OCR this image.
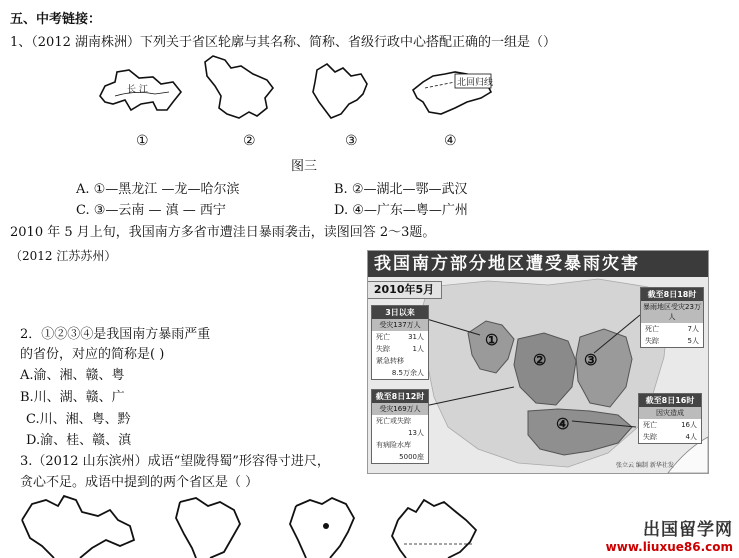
五、中考链接：
1、（2012 湖南株洲）下列关于省区轮廓与其名称、简称、省级行政中心搭配正确的一组是（）
长 江
北回归线
①	②	③	④
图三
A. ①—黑龙江 —龙—哈尔滨	B. ②—湖北—鄂—武汉
C. ③—云南 — 滇 — 西宁	D. ④—广东—粤—广州
2010 年 5 月上旬，我国南方多省市遭洼日暴雨袭击，读图回答 2～3题。
（2012 江苏苏州）
2．①②③④是我国南方暴雨严重
的省份，对应的简称是( )
A.渝、湘、赣、粤
B.川、湖、赣、广
C.川、湘、粤、黔
D.渝、桂、赣、滇
3.（2012 山东滨州）成语“望陇得蜀”形容得寸进尺，
贪心不足。成语中提到的两个省区是（ ）
我国南方部分地区遭受暴雨灾害
2010年5月
①
②	③
④
3日以来
受灾137万人
死亡	31人
失踪	1人
紧急转移
8.5万余人
截至8日12时
受灾169万人
死亡或失踪
13人
有病险水库
5000座
截至8日18时
暴雨地区受灾23万人
死亡	7人
失踪	5人
截至8日16时
因灾造成
死亡	16人
失踪	4人
张立云 编制 新华社发
出国留学网
www.liuxue86.com
